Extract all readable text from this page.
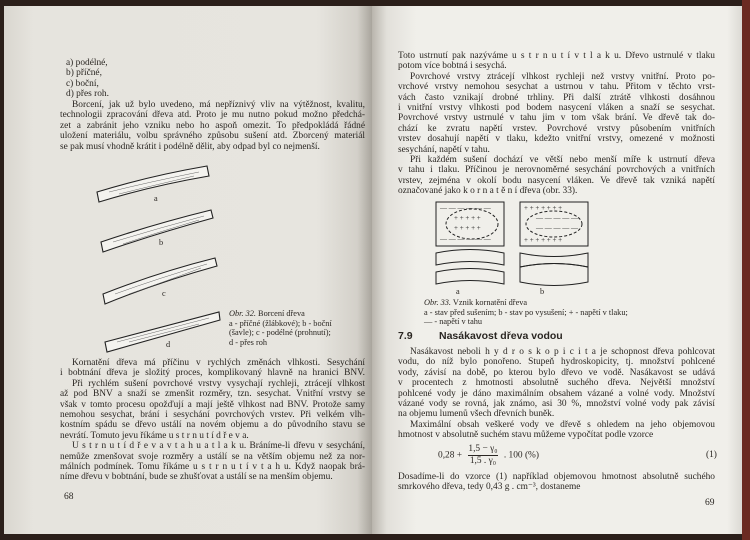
a) podélné,
b) příčné,
c) boční,
d) přes roh.
Borcení, jak už bylo uvedeno, má nepříznivý vliv na výtěžnost, kvalitu,
technologii zpracování dřeva atd. Proto je mu nutno pokud možno předchá-
zet a zabránit jeho vzniku nebo ho aspoň omezit. To předpokládá řádné
uložení materiálu, volbu správného způsobu sušení atd. Zborcený materiál
se pak musí vhodně krátit i podélně dělit, aby odpad byl co nejmenší.
a
b
c
d
Obr. 32. Borcení dřeva
a - příčné (žlábkové); b - boční
(šavle); c - podélné (prohnutí);
d - přes roh
Kornatění dřeva má příčinu v rychlých změnách vlhkosti. Sesychání
i bobtnání dřeva je složitý proces, komplikovaný hlavně na hranici BNV.
Při rychlém sušení povrchové vrstvy vysychají rychleji, ztrácejí vlhkost
až pod BNV a snaží se zmenšit rozměry, tzn. sesychat. Vnitřní vrstvy se
však v tomto procesu opožďují a mají ještě vlhkost nad BNV. Protože samy
nemohou sesychat, brání i sesychání povrchových vrstev. Při velkém vlh-
kostním spádu se dřevo ustálí na novém objemu a do původního stavu se
nevrátí. Tomuto jevu říkáme u s t r n u t í d ř e v a.
U s t r n u t í d ř e v a v t a h u a t l a k u. Bráníme-li dřevu v sesychání,
nemůže zmenšovat svoje rozměry a ustálí se na větším objemu než za nor-
málních podmínek. Tomu říkáme u s t r n u t í v t a h u. Když naopak brá-
níme dřevu v bobtnání, bude se zhušťovat a ustálí se na menším objemu.
68
Toto ustrnutí pak nazýváme u s t r n u t í v t l a k u. Dřevo ustrnulé v tlaku
potom více bobtná i sesychá.
Povrchové vrstvy ztrácejí vlhkost rychleji než vrstvy vnitřní. Proto po-
vrchové vrstvy nemohou sesychat a ustrnou v tahu. Přitom v těchto vrst-
vách často vznikají drobné trhliny. Při další ztrátě vlhkosti dosáhnou
i vnitřní vrstvy vlhkosti pod bodem nasycení vláken a snaží se sesychat.
Povrchové vrstvy ustrnulé v tahu jim v tom však brání. Ve dřevě tak do-
chází ke zvratu napětí vrstev. Povrchové vrstvy působením vnitřních
vrstev dosahují napětí v tlaku, kdežto vnitřní vrstvy, omezené v možnosti
sesychání, napětí v tahu.
Při každém sušení dochází ve větší nebo menší míře k ustrnutí dřeva
v tahu i tlaku. Příčinou je nerovnoměrné sesychání povrchových a vnitřních
vrstev, zejména v okolí bodu nasycení vláken. Ve dřevě tak vzniká napětí
označované jako k o r n a t ě n í dřeva (obr. 33).
— — — — — —
+ + + + +
+ + + + +
— — — — — —
+ + + + + + +
— — — — —
— — — — —
+ + + + + + +
a	b
Obr. 33. Vznik kornatění dřeva
a - stav před sušením; b - stav po vysušení; + - napětí v tlaku;
— - napětí v tahu
7.9	Nasákavost dřeva vodou
Nasákavost neboli h y d r o s k o p i c i t a je schopnost dřeva pohlcovat
vodu, do níž bylo ponořeno. Stupeň hydroskopicity, tj. množství pohlcené
vody, závisí na době, po kterou bylo dřevo ve vodě. Nasákavost se udává
v procentech z hmotnosti absolutně suchého dřeva. Největší množství
pohlcené vody je dáno maximálním obsahem vázané a volné vody. Množství
vázané vody se rovná, jak známo, asi 30 %, množství volné vody pak závisí
na objemu lumenů všech dřevních buněk.
Maximální obsah veškeré vody ve dřevě s ohledem na jeho objemovou
hmotnost v absolutně suchém stavu můžeme vypočítat podle vzorce
$0,28 + \frac{\text{1,5 − γ₀}}{\text{1,5 . γ₀}}$ . 100 (%)	(1)
Dosadíme-li do vzorce (1) například objemovou hmotnost absolutně suchého
smrkového dřeva, tedy 0,43 g . cm⁻³, dostaneme
69
